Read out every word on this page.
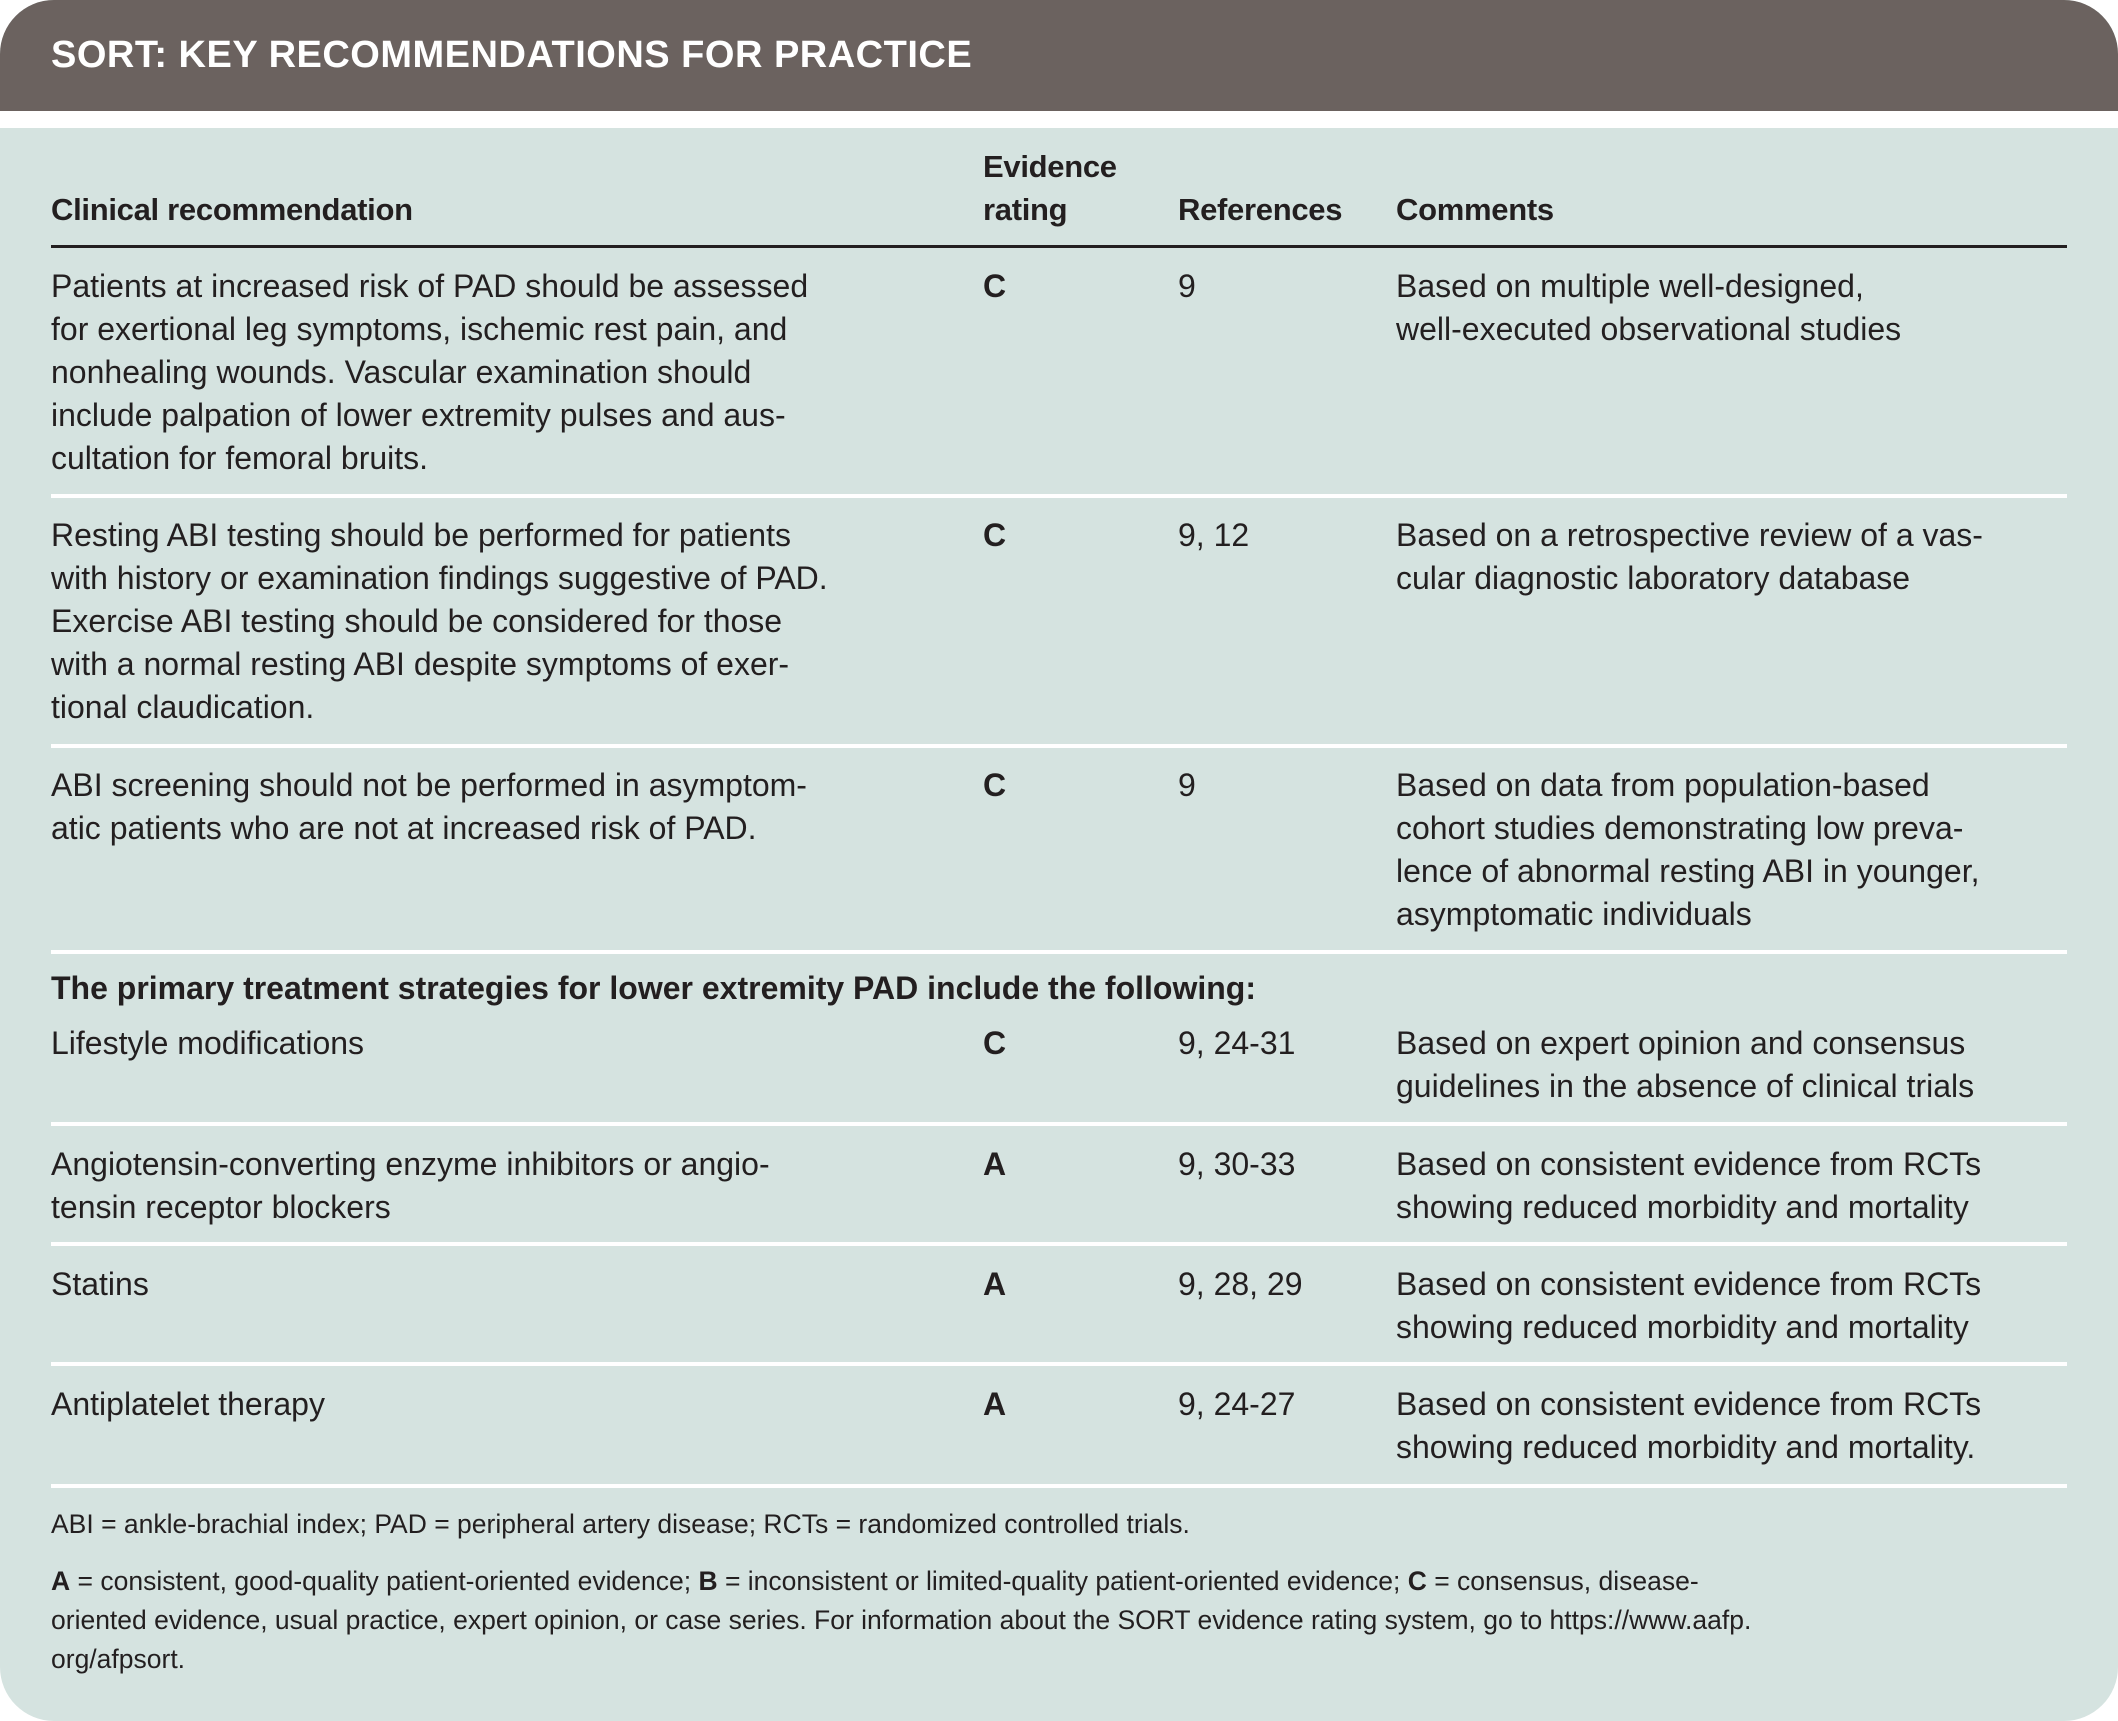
SORT: KEY RECOMMENDATIONS FOR PRACTICE
Clinical recommendation
Evidence
rating	References Comments
Patients at increased risk of PAD should be assessed
for exertional leg symptoms, ischemic rest pain, and
nonhealing wounds. Vascular examination should
include palpation of lower extremity pulses and aus-
cultation for femoral bruits.
C	9	Based on multiple well-designed,
well-executed observational studies
Resting ABI testing should be performed for patients
with history or examination findings suggestive of PAD.
Exercise ABI testing should be considered for those
with a normal resting ABI despite symptoms of exer-
tional claudication.
C	9, 12	Based on a retrospective review of a vas-
cular diagnostic laboratory database
ABI screening should not be performed in asymptom-
atic patients who are not at increased risk of PAD.
C	9	Based on data from population-based
cohort studies demonstrating low preva-
lence of abnormal resting ABI in younger,
asymptomatic individuals
Lifestyle modifications	C	9, 24-31	Based on expert opinion and consensus
guidelines in the absence of clinical trials
Angiotensin-converting enzyme inhibitors or angio-
tensin receptor blockers
A	9, 30-33	Based on consistent evidence from RCTs
showing reduced morbidity and mortality
Statins	A	9, 28, 29	Based on consistent evidence from RCTs
showing reduced morbidity and mortality
Antiplatelet therapy	A	9, 24-27	Based on consistent evidence from RCTs
showing reduced morbidity and mortality.
The primary treatment strategies for lower extremity PAD include the following:
ABI = ankle-brachial index; PAD = peripheral artery disease; RCTs = randomized controlled trials.
A = consistent, good-quality patient-oriented evidence; B = inconsistent or limited-quality patient-oriented evidence; C = consensus, disease-
oriented evidence, usual practice, expert opinion, or case series. For information about the SORT evidence rating system, go to https://www.aafp.
org/afpsort.
